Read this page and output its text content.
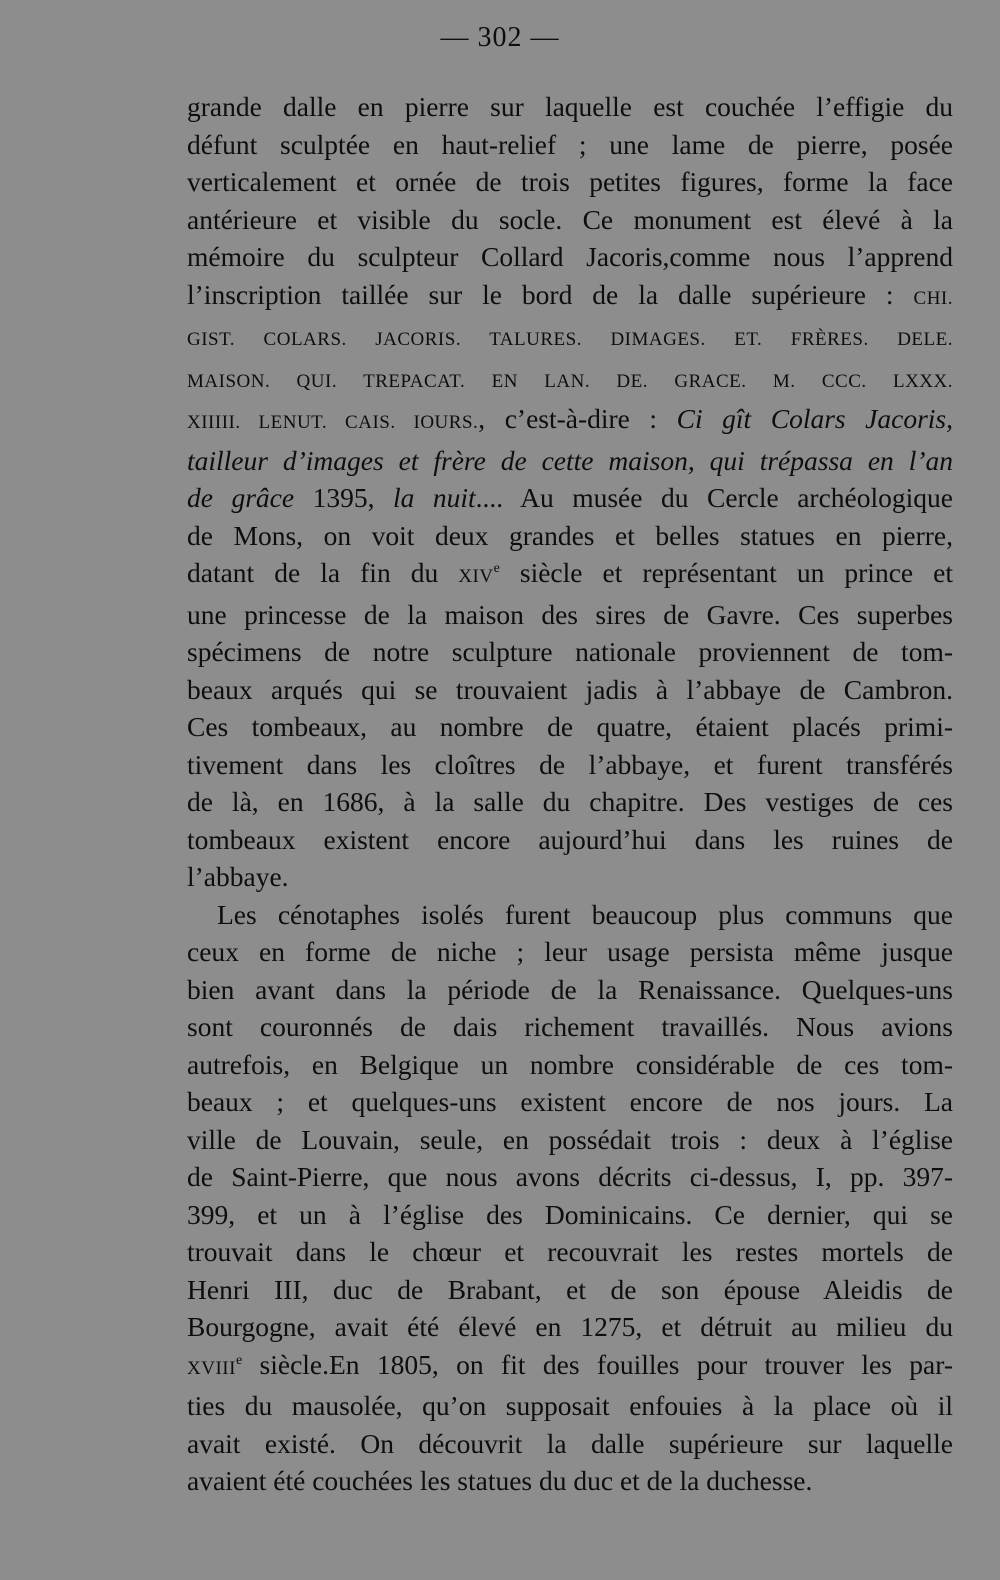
— 302 —

grande dalle en pierre sur laquelle est couchée l’effigie du
défunt sculptée en haut-relief ; une lame de pierre, posée
verticalement et ornée de trois petites figures, forme la face
antérieure et visible du socle. Ce monument est élevé à la
mémoire du sculpteur Collard Jacoris,comme nous l’apprend
l’inscription taillée sur le bord de la dalle supérieure : CHI.
GIST. COLARS. JACORIS. TALURES. DIMAGES. ET. FRÈRES. DELE.
MAISON. QUI. TREPACAT. EN LAN. DE. GRACE. M. CCC. LXXX.
XIIIII. LENUT. CAIS. IOURS., c’est-à-dire : Ci gît Colars Jacoris,
tailleur d’images et frère de cette maison, qui trépassa en l’an
de grâce 1395, la nuit.... Au musée du Cercle archéologique
de Mons, on voit deux grandes et belles statues en pierre,
datant de la fin du XIVe siècle et représentant un prince et
une princesse de la maison des sires de Gavre. Ces superbes
spécimens de notre sculpture nationale proviennent de tom-
beaux arqués qui se trouvaient jadis à l’abbaye de Cambron.
Ces tombeaux, au nombre de quatre, étaient placés primi-
tivement dans les cloîtres de l’abbaye, et furent transférés
de là, en 1686, à la salle du chapitre. Des vestiges de ces
tombeaux existent encore aujourd’hui dans les ruines de
l’abbaye.

Les cénotaphes isolés furent beaucoup plus communs que
ceux en forme de niche ; leur usage persista même jusque
bien avant dans la période de la Renaissance. Quelques-uns
sont couronnés de dais richement travaillés. Nous avions
autrefois, en Belgique un nombre considérable de ces tom-
beaux ; et quelques-uns existent encore de nos jours. La
ville de Louvain, seule, en possédait trois : deux à l’église
de Saint-Pierre, que nous avons décrits ci-dessus, I, pp. 397-
399, et un à l’église des Dominicains. Ce dernier, qui se
trouvait dans le chœur et recouvrait les restes mortels de
Henri III, duc de Brabant, et de son épouse Aleidis de
Bourgogne, avait été élevé en 1275, et détruit au milieu du
XVIIIe siècle.En 1805, on fit des fouilles pour trouver les par-
ties du mausolée, qu’on supposait enfouies à la place où il
avait existé. On découvrit la dalle supérieure sur laquelle
avaient été couchées les statues du duc et de la duchesse.
